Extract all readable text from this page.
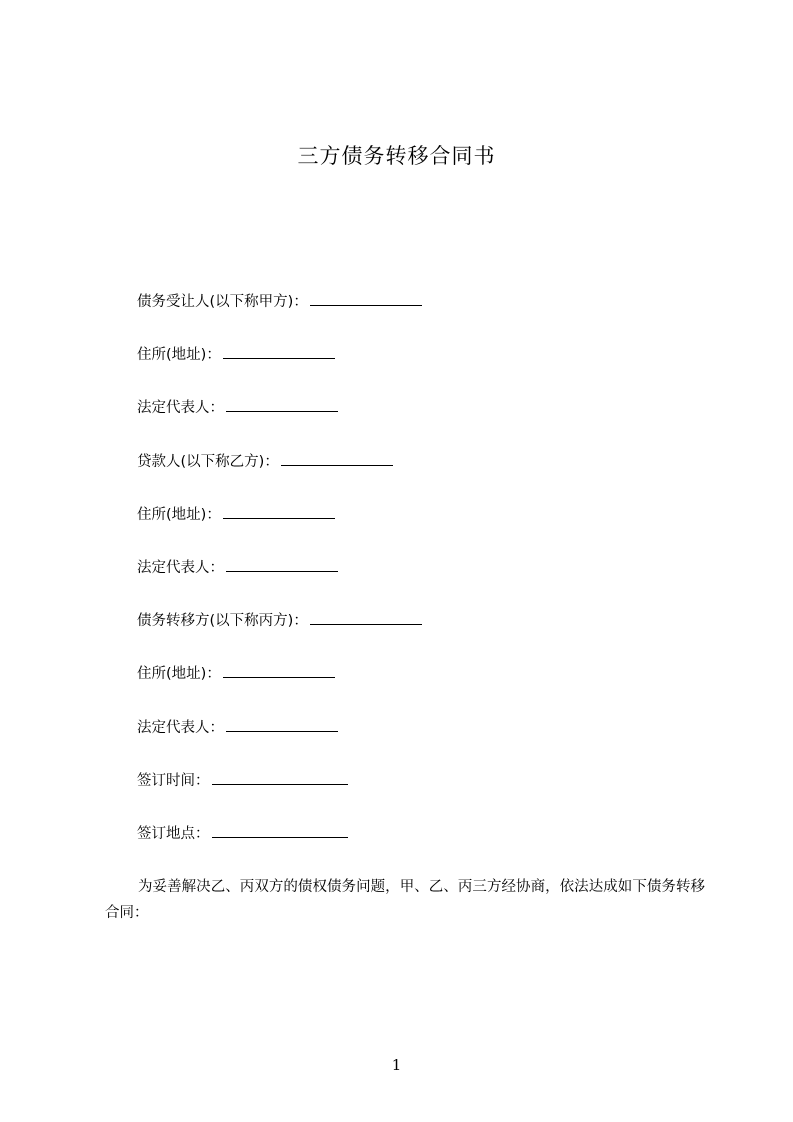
三方债务转移合同书
债务受让人(以下称甲方)：
住所(地址)：
法定代表人：
贷款人(以下称乙方)：
住所(地址)：
法定代表人：
债务转移方(以下称丙方)：
住所(地址)：
法定代表人：
签订时间：
签订地点：
为妥善解决乙、丙双方的债权债务问题，甲、乙、丙三方经协商，依法达成如下债务转移合同：
1
